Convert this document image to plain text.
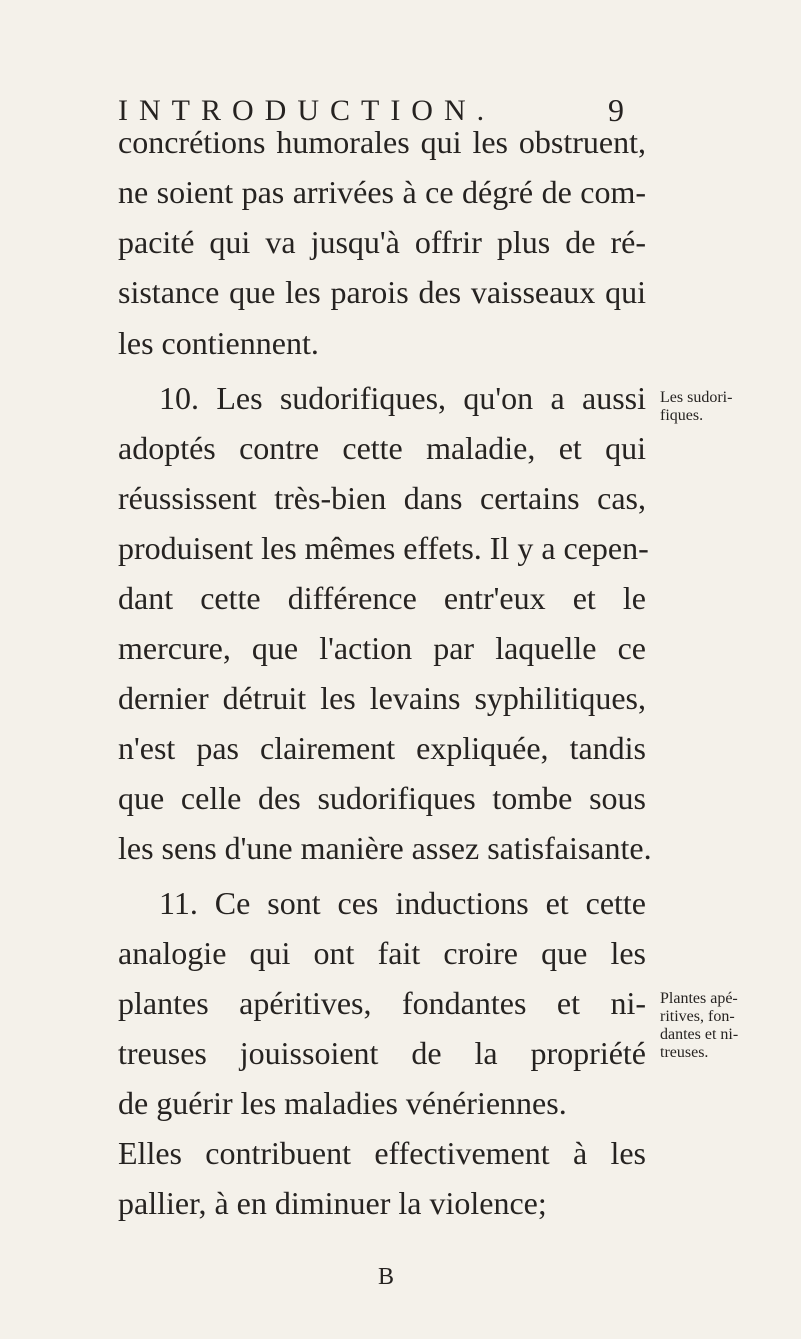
INTRODUCTION.	9
concrétions humorales qui les obstruent,
ne soient pas arrivées à ce dégré de com-
pacité qui va jusqu'à offrir plus de ré-
sistance que les parois des vaisseaux qui
les contiennent.
10. Les sudorifiques, qu'on a aussi
adoptés contre cette maladie, et qui
réussissent très-bien dans certains cas,
produisent les mêmes effets. Il y a cepen-
dant cette différence entr'eux et le
mercure, que l'action par laquelle ce
dernier détruit les levains syphilitiques,
n'est pas clairement expliquée, tandis
que celle des sudorifiques tombe sous
les sens d'une manière assez satisfaisante.
11. Ce sont ces inductions et cette
analogie qui ont fait croire que les
plantes apéritives, fondantes et ni-
treuses jouissoient de la propriété
de guérir les maladies vénériennes.
Elles contribuent effectivement à les
pallier, à en diminuer la violence;
Les sudori-
fiques.
Plantes apé-
ritives, fon-
dantes et ni-
treuses.
B
